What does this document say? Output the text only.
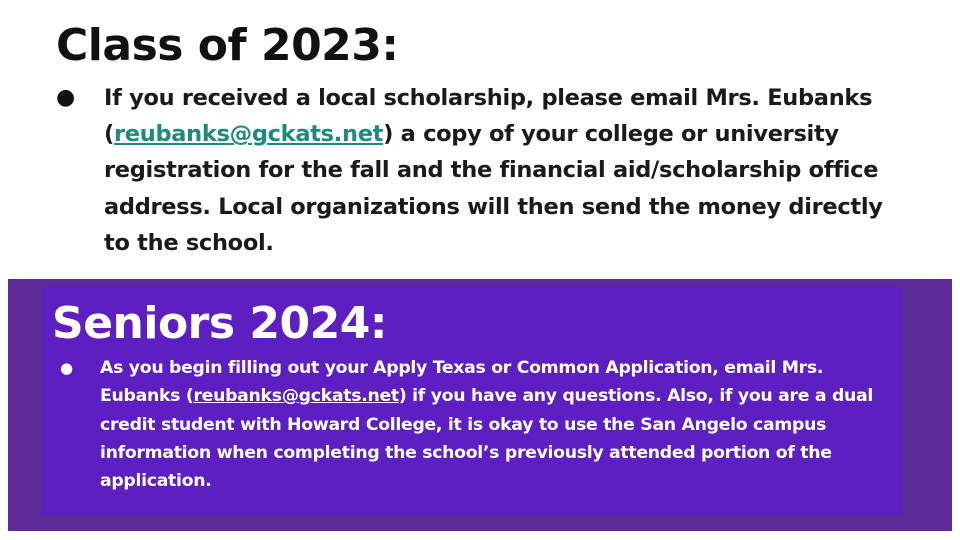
Class of 2023:
●	If you received a local scholarship, please email Mrs. Eubanks (reubanks@gckats.net) a copy of your college or university registration for the fall and the financial aid/scholarship office address. Local organizations will then send the money directly to the school.

Seniors 2024:
●	As you begin filling out your Apply Texas or Common Application, email Mrs. Eubanks (reubanks@gckats.net) if you have any questions. Also, if you are a dual credit student with Howard College, it is okay to use the San Angelo campus information when completing the school’s previously attended portion of the application.
